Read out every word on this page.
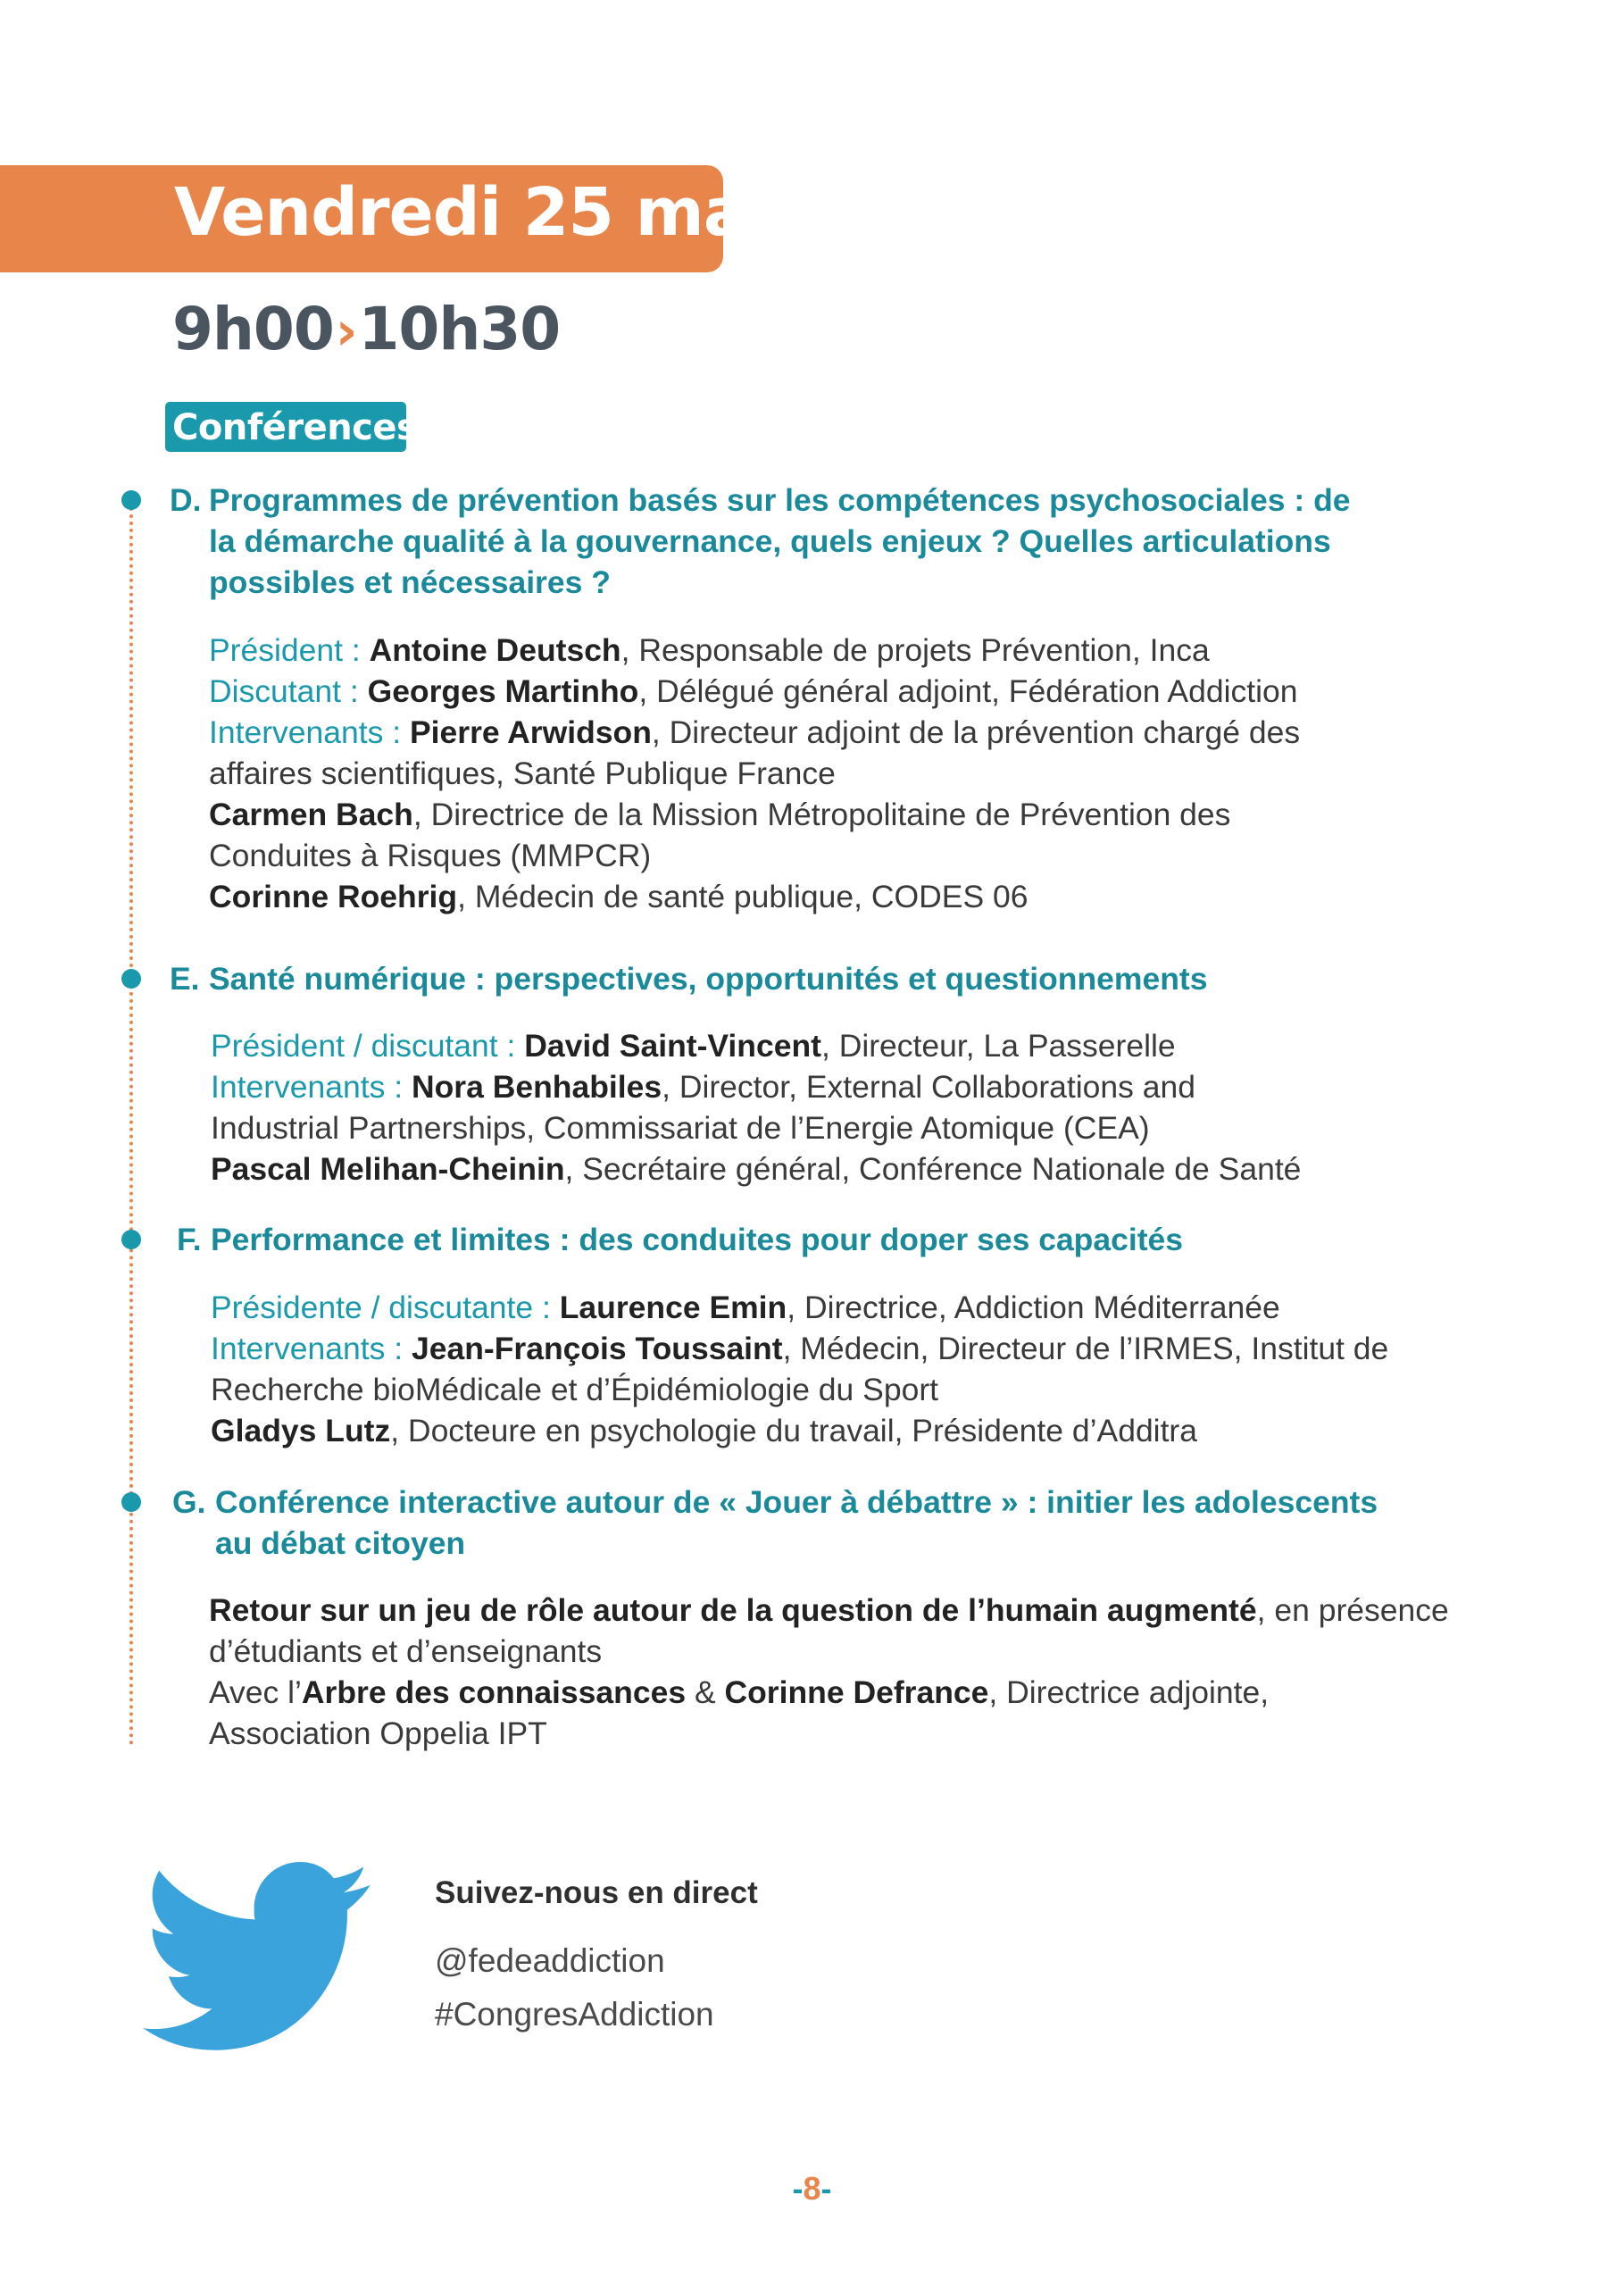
Vendredi 25 mai
9h00›10h30
Conférences
D. Programmes de prévention basés sur les compétences psychosociales : de
la démarche qualité à la gouvernance, quels enjeux ? Quelles articulations
possibles et nécessaires ?
Président : Antoine Deutsch, Responsable de projets Prévention, Inca
Discutant : Georges Martinho, Délégué général adjoint, Fédération Addiction
Intervenants : Pierre Arwidson, Directeur adjoint de la prévention chargé des
affaires scientifiques, Santé Publique France
Carmen Bach, Directrice de la Mission Métropolitaine de Prévention des
Conduites à Risques (MMPCR)
Corinne Roehrig, Médecin de santé publique, CODES 06
E. Santé numérique : perspectives, opportunités et questionnements
Président / discutant : David Saint-Vincent, Directeur, La Passerelle
Intervenants : Nora Benhabiles, Director, External Collaborations and
Industrial Partnerships, Commissariat de l’Energie Atomique (CEA)
Pascal Melihan-Cheinin, Secrétaire général, Conférence Nationale de Santé
F. Performance et limites : des conduites pour doper ses capacités
Présidente / discutante : Laurence Emin, Directrice, Addiction Méditerranée
Intervenants : Jean-François Toussaint, Médecin, Directeur de l’IRMES, Institut de
Recherche bioMédicale et d’Épidémiologie du Sport
Gladys Lutz, Docteure en psychologie du travail, Présidente d’Additra
G. Conférence interactive autour de « Jouer à débattre » : initier les adolescents
au débat citoyen
Retour sur un jeu de rôle autour de la question de l’humain augmenté, en présence
d’étudiants et d’enseignants
Avec l’Arbre des connaissances & Corinne Defrance, Directrice adjointe,
Association Oppelia IPT
Suivez-nous en direct
@fedeaddiction
#CongresAddiction
-8-
